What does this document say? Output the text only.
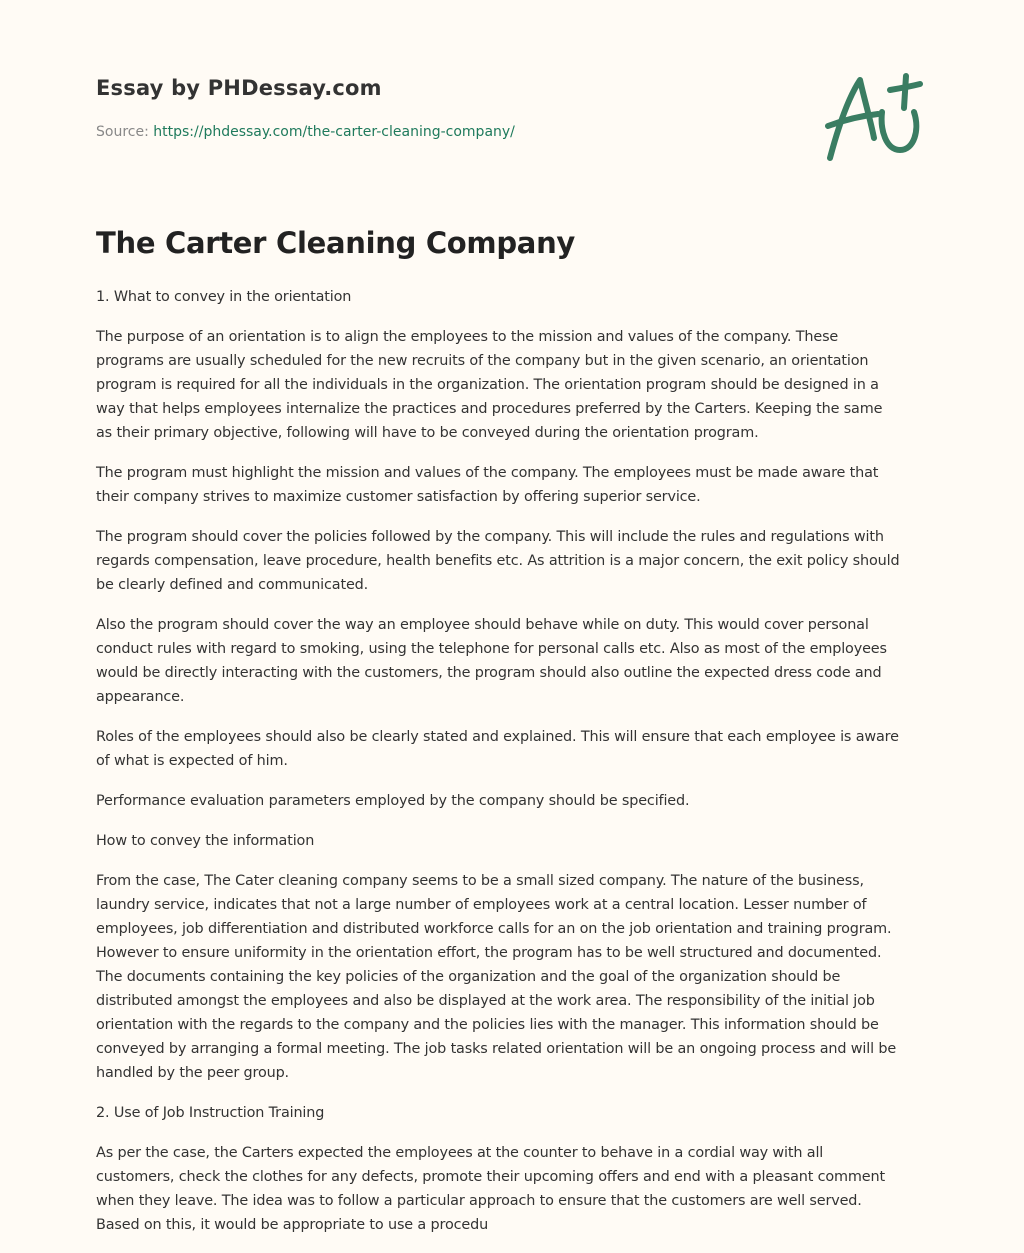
Essay by PHDessay.com
Source: https://phdessay.com/the-carter-cleaning-company/
The Carter Cleaning Company

1. What to convey in the orientation

The purpose of an orientation is to align the employees to the mission and values of the company. These
programs are usually scheduled for the new recruits of the company but in the given scenario, an orientation
program is required for all the individuals in the organization. The orientation program should be designed in a
way that helps employees internalize the practices and procedures preferred by the Carters. Keeping the same
as their primary objective, following will have to be conveyed during the orientation program.

The program must highlight the mission and values of the company. The employees must be made aware that
their company strives to maximize customer satisfaction by offering superior service.

The program should cover the policies followed by the company. This will include the rules and regulations with
regards compensation, leave procedure, health benefits etc. As attrition is a major concern, the exit policy should
be clearly defined and communicated.

Also the program should cover the way an employee should behave while on duty. This would cover personal
conduct rules with regard to smoking, using the telephone for personal calls etc. Also as most of the employees
would be directly interacting with the customers, the program should also outline the expected dress code and
appearance.

Roles of the employees should also be clearly stated and explained. This will ensure that each employee is aware
of what is expected of him.

Performance evaluation parameters employed by the company should be specified.

How to convey the information

From the case, The Cater cleaning company seems to be a small sized company. The nature of the business,
laundry service, indicates that not a large number of employees work at a central location. Lesser number of
employees, job differentiation and distributed workforce calls for an on the job orientation and training program.
However to ensure uniformity in the orientation effort, the program has to be well structured and documented.
The documents containing the key policies of the organization and the goal of the organization should be
distributed amongst the employees and also be displayed at the work area. The responsibility of the initial job
orientation with the regards to the company and the policies lies with the manager. This information should be
conveyed by arranging a formal meeting. The job tasks related orientation will be an ongoing process and will be
handled by the peer group.

2. Use of Job Instruction Training

As per the case, the Carters expected the employees at the counter to behave in a cordial way with all
customers, check the clothes for any defects, promote their upcoming offers and end with a pleasant comment
when they leave. The idea was to follow a particular approach to ensure that the customers are well served.
Based on this, it would be appropriate to use a procedu
